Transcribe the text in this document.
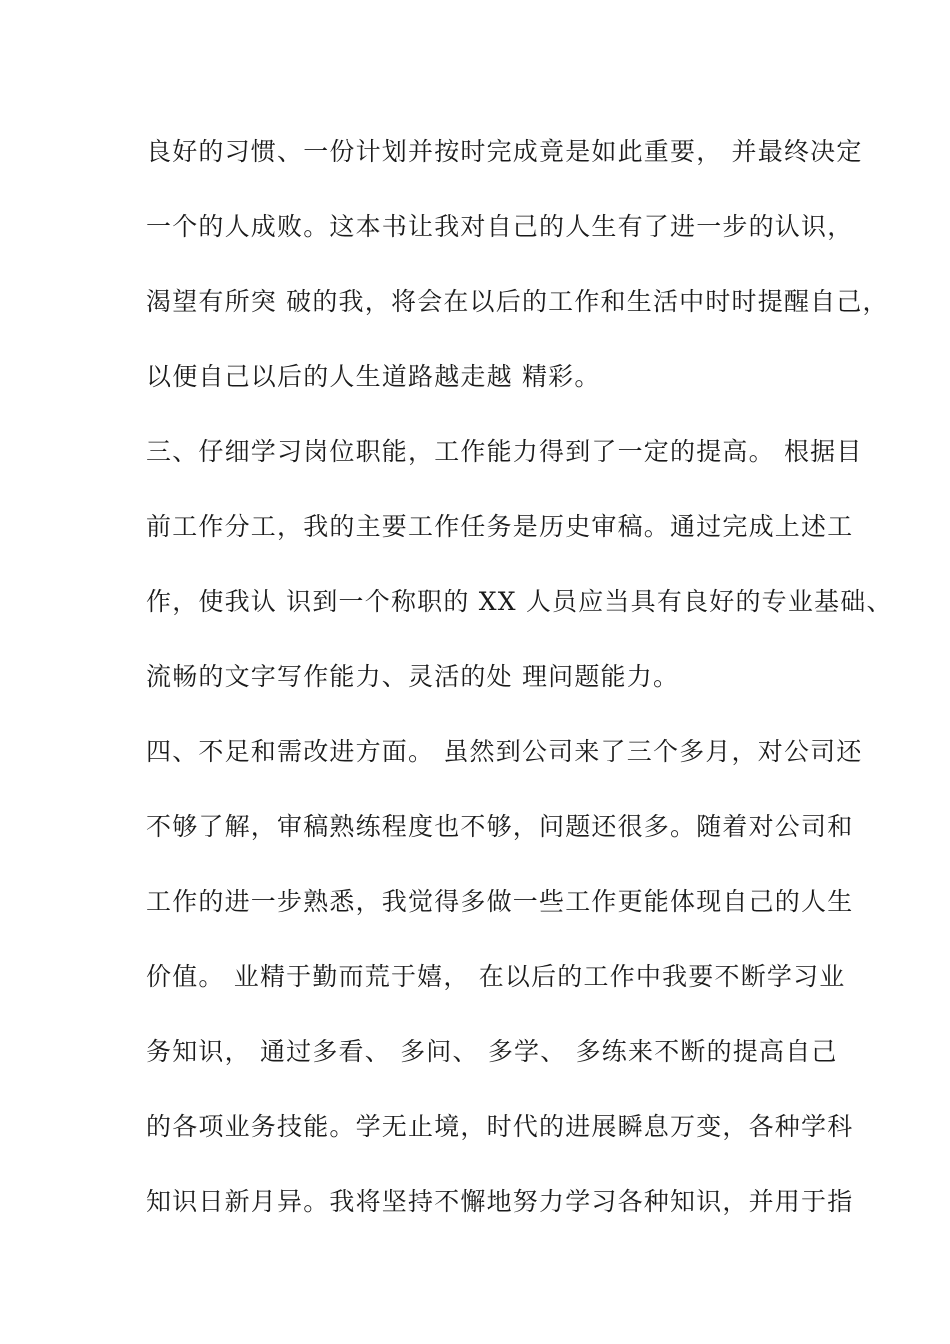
良好的习惯、一份计划并按时完成竟是如此重要， 并最终决定
一个的人成败。这本书让我对自己的人生有了进一步的认识，
渴望有所突 破的我，将会在以后的工作和生活中时时提醒自己，
以便自己以后的人生道路越走越 精彩。
三、仔细学习岗位职能，工作能力得到了一定的提高。 根据目
前工作分工，我的主要工作任务是历史审稿。通过完成上述工
作，使我认 识到一个称职的 XX 人员应当具有良好的专业基础、
流畅的文字写作能力、灵活的处 理问题能力。
四、不足和需改进方面。 虽然到公司来了三个多月，对公司还
不够了解，审稿熟练程度也不够，问题还很多。随着对公司和
工作的进一步熟悉，我觉得多做一些工作更能体现自己的人生
价值。 业精于勤而荒于嬉， 在以后的工作中我要不断学习业
务知识， 通过多看、 多问、 多学、 多练来不断的提高自己
的各项业务技能。学无止境，时代的进展瞬息万变，各种学科
知识日新月异。我将坚持不懈地努力学习各种知识，并用于指
